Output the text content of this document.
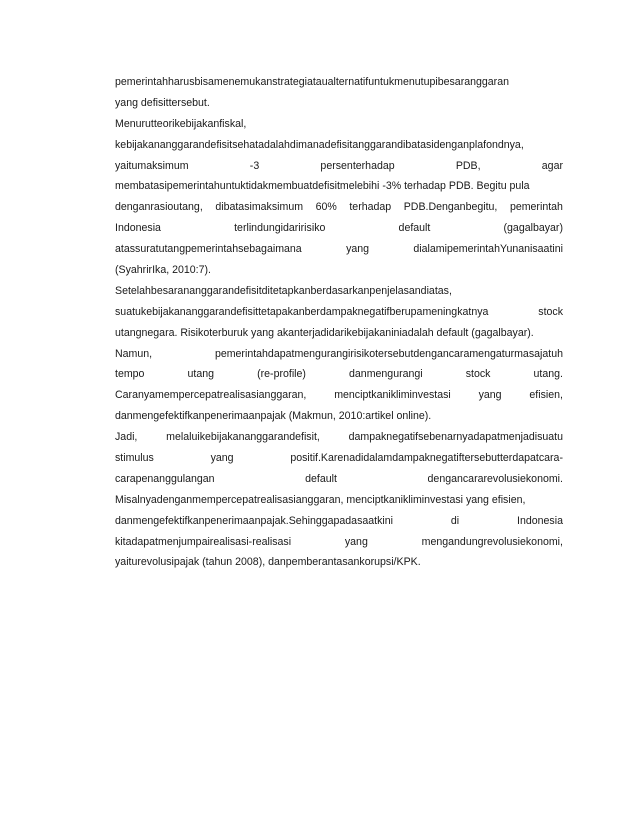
pemerintahharusbisamenemukanstrategiataualternatifuntukmenutupibesaranggaran
yang defisittersebut.
Menurutteorikebijakanfiskal,
kebijakananggarandefisitsehatadalahdimanadefisitanggarandibatasidenganplafondnya,
yaitumaksimum	-3	persenterhadap	PDB,	agar
membatasipemerintahuntuktidakmembuatdefisitmelebihi -3% terhadap PDB. Begitu pula
denganrasioutang, dibatasimaksimum 60% terhadap PDB.Denganbegitu, pemerintah
Indonesia	terlindungidaririsiko	default	(gagalbayar)
atassuratutangpemerintahsebagaimana	yang	dialamipemerintahYunanisaatini
(SyahrirIka, 2010:7).
Setelahbesarananggarandefisitditetapkanberdasarkanpenjelasandiatas,
suatukebijakananggarandefisittetapakanberdampaknegatifberupameningkatnya	stock
utangnegara. Risikoterburuk yang akanterjadidarikebijakaniniadalah default (gagalbayar).
Namun,	pemerintahdapatmengurangirisikotersebutdengancaramengaturmasajatuh
tempo	utang	(re-profile)	danmengurangi	stock	utang.
Caranyamempercepatrealisasianggaran,	menciptkanikliminvestasi	yang	efisien,
danmengefektifkanpenerimaanpajak (Makmun, 2010:artikel online).
Jadi,	melaluikebijakananggarandefisit,	dampaknegatifsebenarnyadapatmenjadisuatu
stimulus	yang	positif.Karenadidalamdampaknegatiftersebutterdapatcara-
carapenanggulangan	default	dengancararevolusiekonomi.
Misalnyadenganmempercepatrealisasianggaran, menciptkanikliminvestasi yang efisien,
danmengefektifkanpenerimaanpajak.Sehinggapadasaatkini	di	Indonesia
kitadapatmenjumpairealisasi-realisasi	yang	mengandungrevolusiekonomi,
yaiturevolusipajak (tahun 2008), danpemberantasankorupsi/KPK.
